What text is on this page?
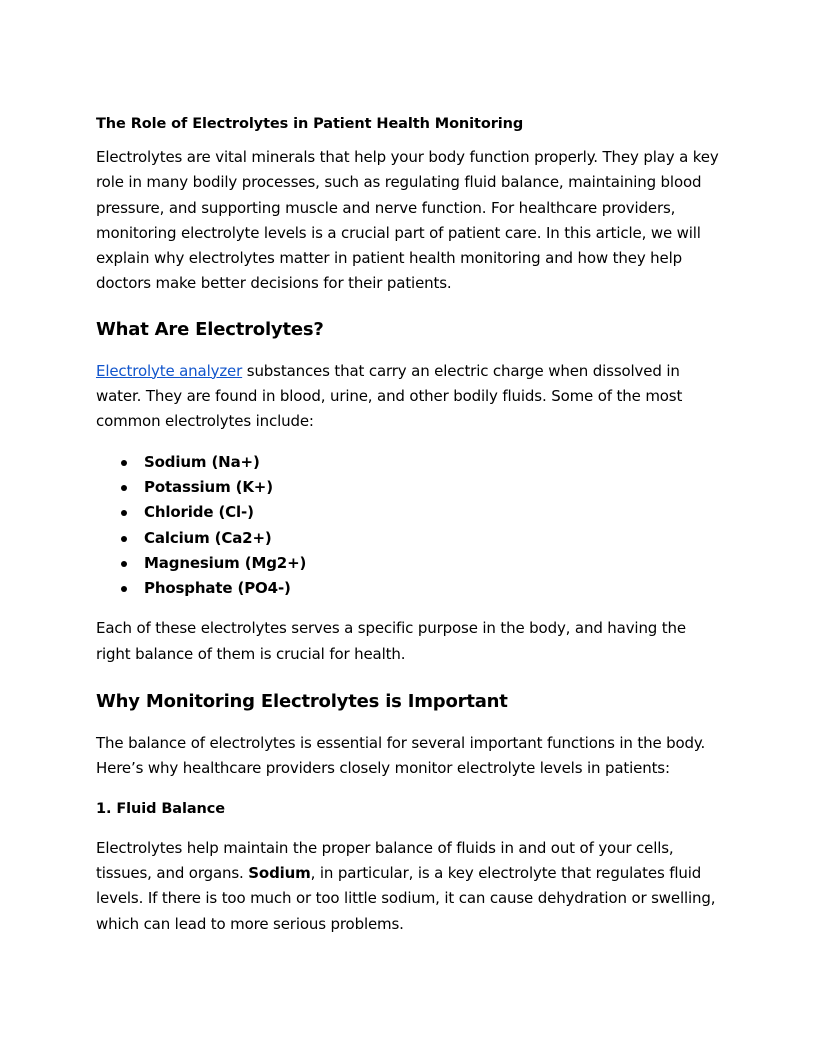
The Role of Electrolytes in Patient Health Monitoring

Electrolytes are vital minerals that help your body function properly. They play a key role in many bodily processes, such as regulating fluid balance, maintaining blood pressure, and supporting muscle and nerve function. For healthcare providers, monitoring electrolyte levels is a crucial part of patient care. In this article, we will explain why electrolytes matter in patient health monitoring and how they help doctors make better decisions for their patients.

What Are Electrolytes?

Electrolyte analyzer substances that carry an electric charge when dissolved in water. They are found in blood, urine, and other bodily fluids. Some of the most common electrolytes include:

Sodium (Na+)
Potassium (K+)
Chloride (Cl-)
Calcium (Ca2+)
Magnesium (Mg2+)
Phosphate (PO4-)

Each of these electrolytes serves a specific purpose in the body, and having the right balance of them is crucial for health.

Why Monitoring Electrolytes is Important

The balance of electrolytes is essential for several important functions in the body. Here’s why healthcare providers closely monitor electrolyte levels in patients:

1. Fluid Balance

Electrolytes help maintain the proper balance of fluids in and out of your cells, tissues, and organs. Sodium, in particular, is a key electrolyte that regulates fluid levels. If there is too much or too little sodium, it can cause dehydration or swelling, which can lead to more serious problems.
